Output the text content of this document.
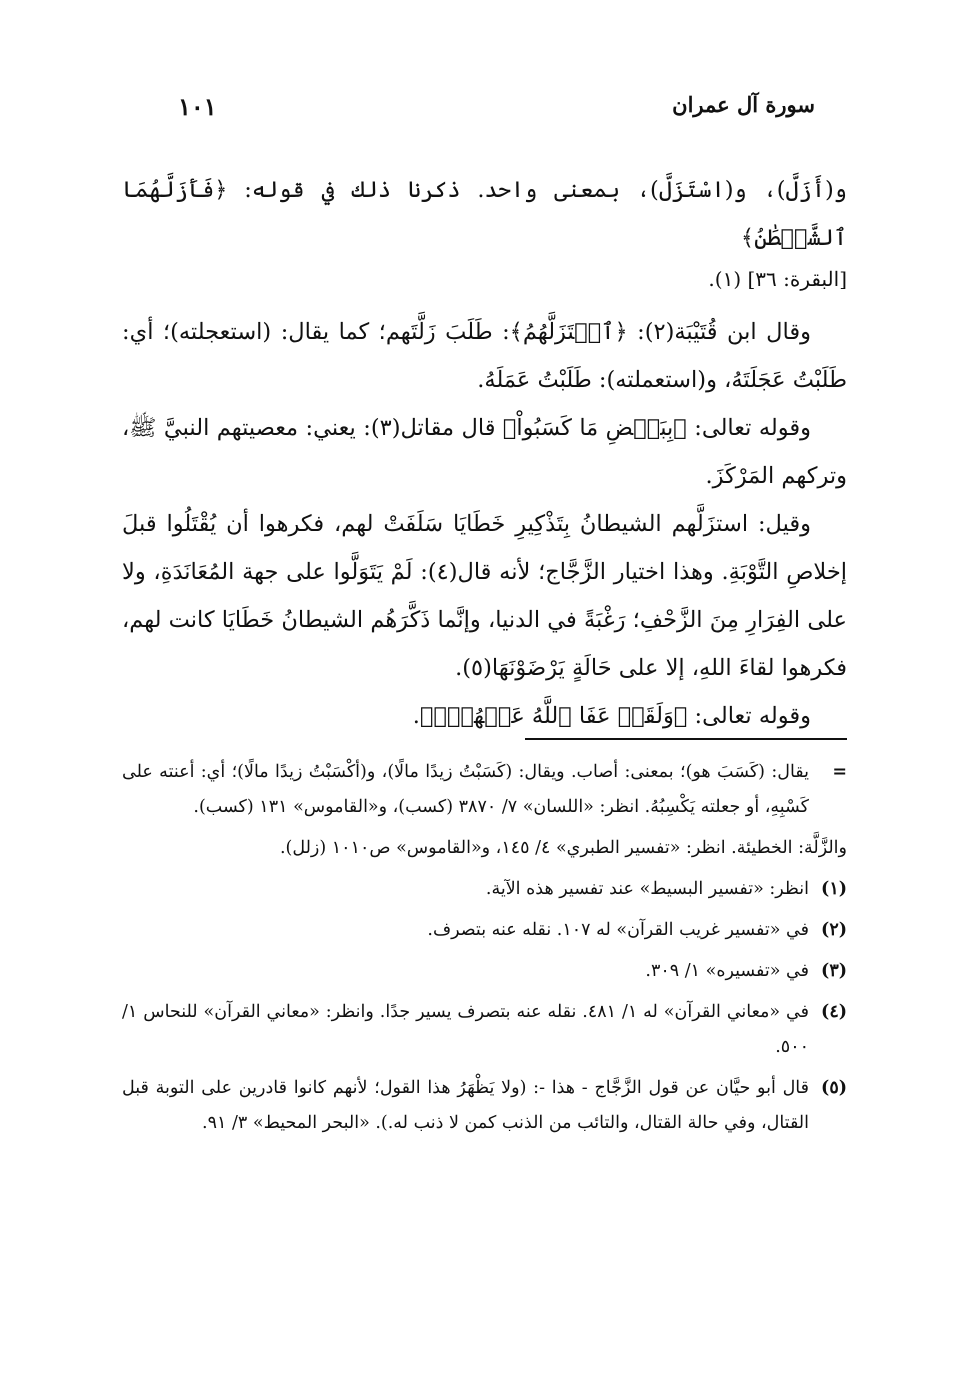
سورة آل عمران
١٠١

و(أَزَلَّ)، و(اسْتَزَلَّ)، بمعنى واحد. ذكرنا ذلك في قوله: ﴿فَأَزَلَّهُمَا ٱلشَّيۡطَٰنُ﴾

[البقرة: ٣٦] (١).

وقال ابن قُتَيْبَة(٢): ﴿ٱسۡتَزَلَّهُمُ﴾: طَلَبَ زَلَّتَهم؛ كما يقال: (استعجلته)؛ أي: طَلَبْتُ عَجَلَتَهُ، و(استعملته): طَلَبْتُ عَمَلَهُ.

وقوله تعالى: ﴿بِبَعۡضِ مَا كَسَبُواْ﴾ قال مقاتل(٣): يعني: معصيتهم النبيَّ ﷺ، وتركهم المَرْكَزَ.

وقيل: استزَلَّهم الشيطانُ بِتَذْكِيرِ خَطَايَا سَلَفَتْ لهم، فكرهوا أن يُقْتَلُوا قبلَ إخلاصِ التَّوْبَةِ. وهذا اختيار الزَّجَّاج؛ لأنه قال(٤): لَمْ يَتَوَلَّوا على جهة المُعَانَدَةِ، ولا على الفِرَارِ مِنَ الزَّحْفِ؛ رَغْبَةً في الدنيا، وإنَّما ذَكَّرَهُم الشيطانُ خَطَايَا كانت لهم، فكرهوا لقاءَ اللهِ، إلا على حَالَةٍ يَرْضَوْنَهَا(٥).

وقوله تعالى: ﴿وَلَقَدۡ عَفَا ٱللَّهُ عَنۡهُمۡۗ﴾.

=
يقال: (كَسَبَ هو)؛ بمعنى: أصاب. ويقال: (كَسَبْتُ زيدًا مالًا)، و(أكْسَبْتُ زيدًا مالًا)؛ أي: أعنته على كَسْبِهِ، أو جعلته يَكْسِبُهُ. انظر: «اللسان» ٧/ ٣٨٧٠ (كسب)، و«القاموس» ١٣١ (كسب).
والزَّلَّة: الخطيئة. انظر: «تفسير الطبري» ٤/ ١٤٥، و«القاموس» ص١٠١٠ (زلل).
(١)
انظر: «تفسير البسيط» عند تفسير هذه الآية.
(٢)
في «تفسير غريب القرآن» له ١٠٧. نقله عنه بتصرف.
(٣)
في «تفسيره» ١/ ٣٠٩.
(٤)
في «معاني القرآن» له ١/ ٤٨١. نقله عنه بتصرف يسير جدًا. وانظر: «معاني القرآن» للنحاس ١/ ٥٠٠.
(٥)
قال أبو حيَّان عن قول الزَّجَّاج - هذا -: (ولا يَظْهَرُ هذا القول؛ لأنهم كانوا قادرين على التوبة قبل القتال، وفي حالة القتال، والتائب من الذنب كمن لا ذنب له.). «البحر المحيط» ٣/ ٩١.
